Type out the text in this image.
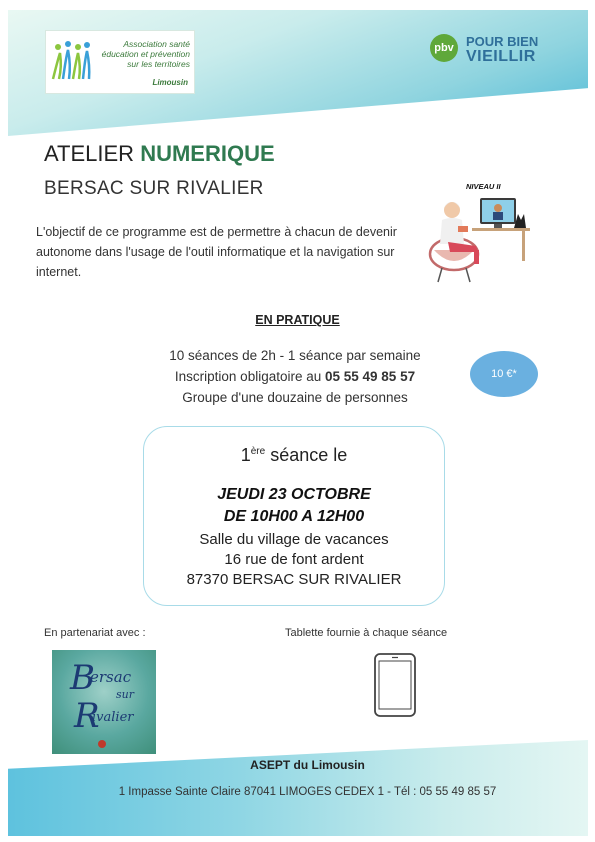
Association santé
éducation et prévention
sur les territoires
Limousin
pbv POUR BIEN
VIEILLIR
ATELIER NUMERIQUE
BERSAC SUR RIVALIER	NIVEAU II
L'objectif de ce programme est de permettre à chacun de devenir autonome dans l'usage de l'outil informatique et la navigation sur internet.
EN PRATIQUE
10 séances de 2h - 1 séance par semaine
Inscription obligatoire au 05 55 49 85 57
Groupe d'une douzaine de personnes
10 €*
1ère séance le
JEUDI 23 OCTOBRE
DE 10H00 A 12H00
Salle du village de vacances
16 rue de font ardent
87370 BERSAC SUR RIVALIER
En partenariat avec :	Tablette fournie à chaque séance
B
ersac
sur
R
ivalier
ASEPT du Limousin
1 Impasse Sainte Claire 87041 LIMOGES CEDEX 1 - Tél : 05 55 49 85 57
